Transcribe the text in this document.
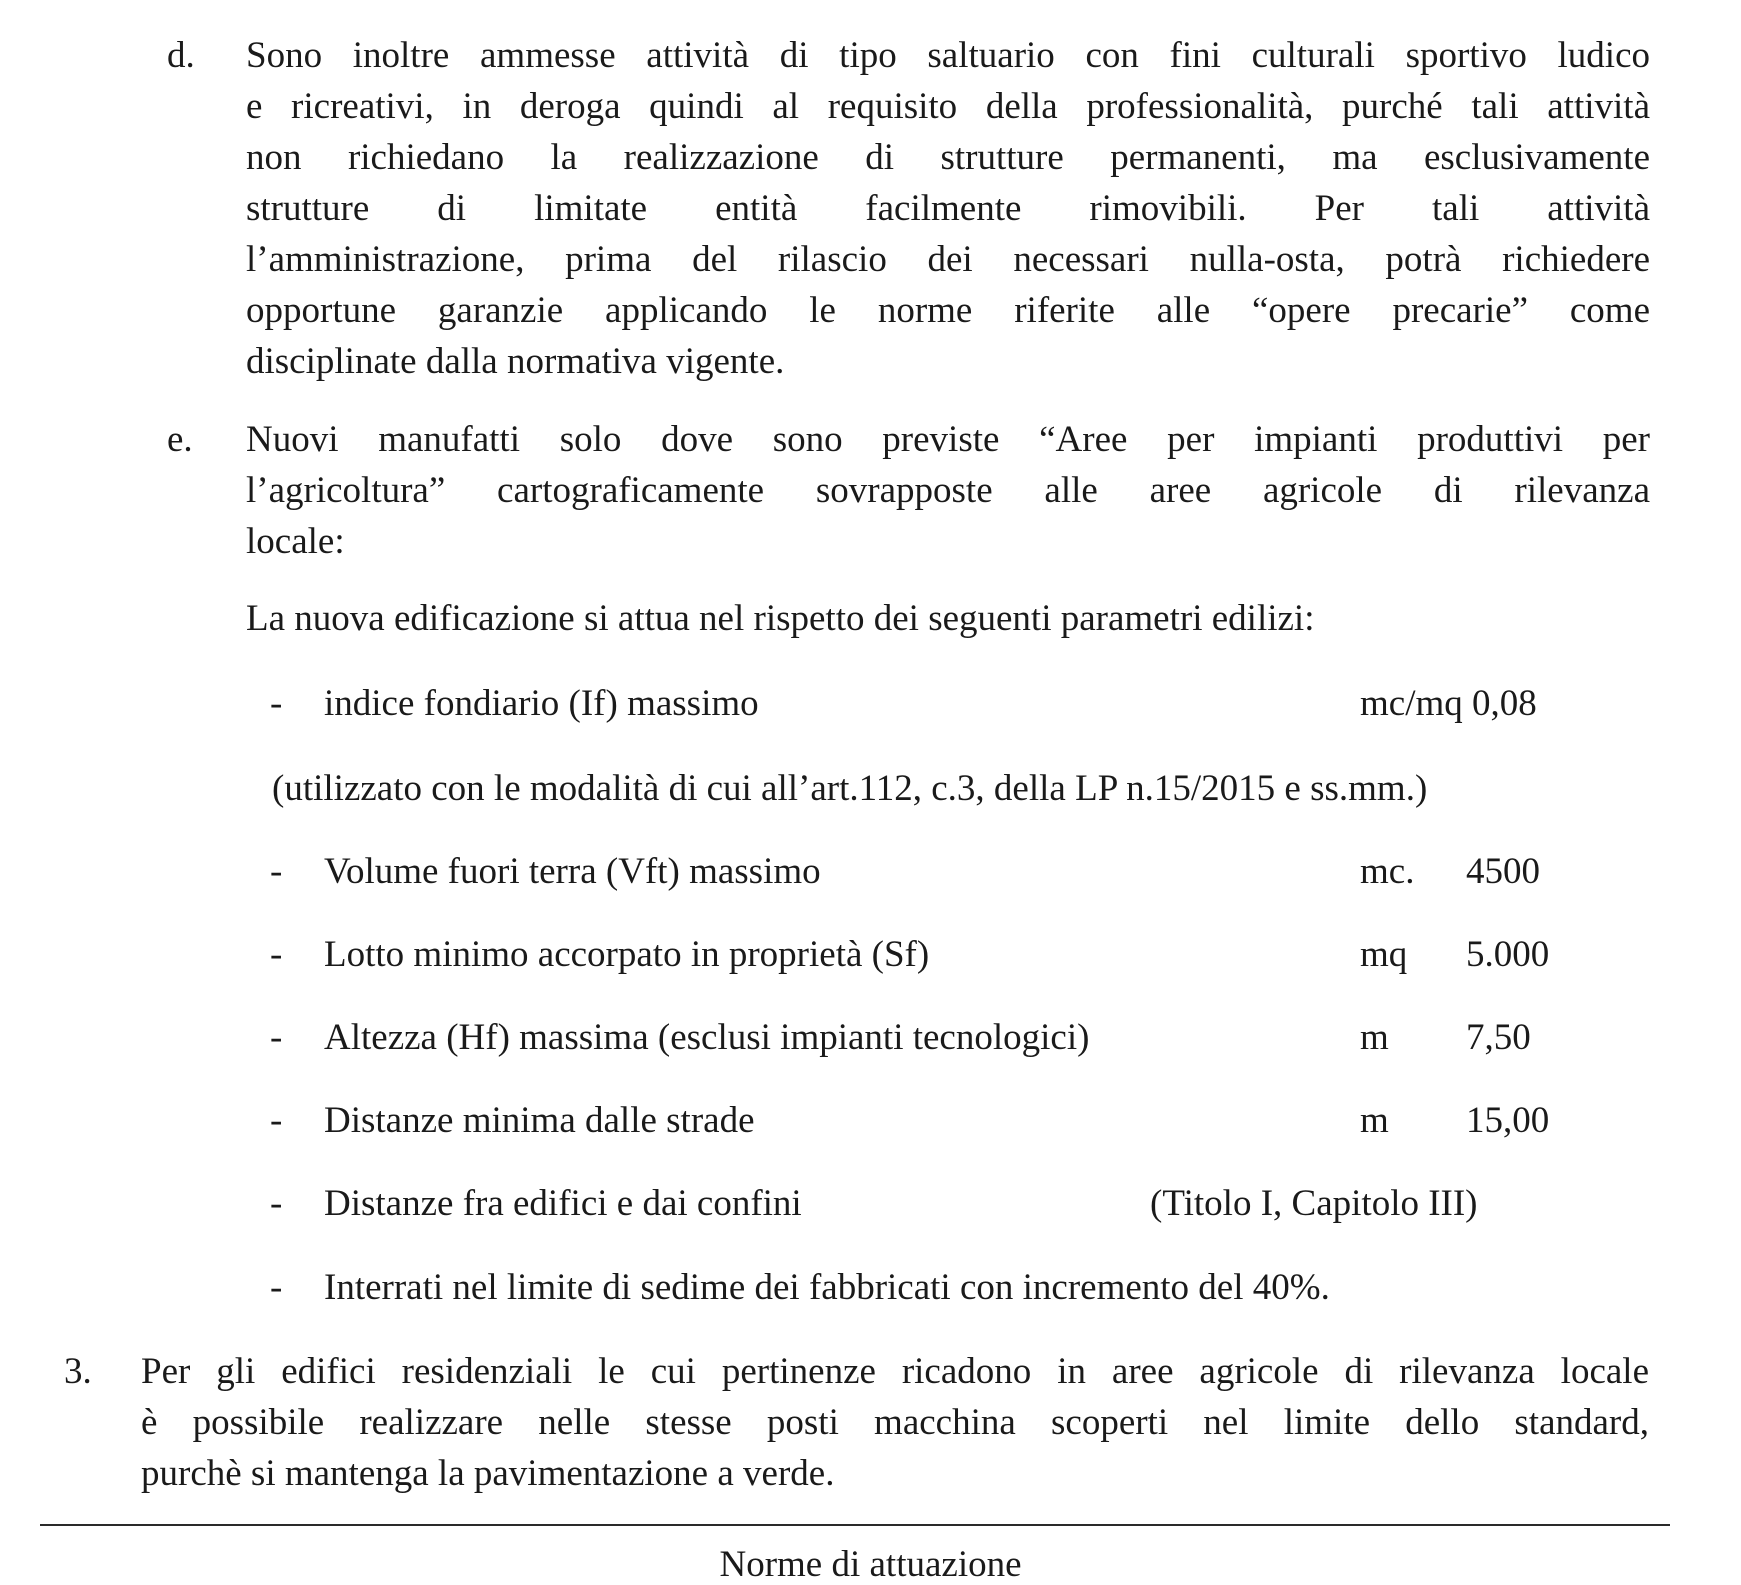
d. Sono inoltre ammesse attività di tipo saltuario con fini culturali sportivo ludico
e ricreativi, in deroga quindi al requisito della professionalità, purché tali attività
non richiedano la realizzazione di strutture permanenti, ma esclusivamente
strutture di limitate entità facilmente rimovibili. Per tali attività
l’amministrazione, prima del rilascio dei necessari nulla-osta, potrà richiedere
opportune garanzie applicando le norme riferite alle “opere precarie” come
disciplinate dalla normativa vigente.
e. Nuovi manufatti solo dove sono previste “Aree per impianti produttivi per
l’agricoltura” cartograficamente sovrapposte alle aree agricole di rilevanza
locale:
La nuova edificazione si attua nel rispetto dei seguenti parametri edilizi:
- indice fondiario (If) massimo	mc/mq 0,08
(utilizzato con le modalità di cui all’art.112, c.3, della LP n.15/2015 e ss.mm.)
- Volume fuori terra (Vft) massimo	mc. 4500
- Lotto minimo accorpato in proprietà (Sf)	mq 5.000
- Altezza (Hf) massima (esclusi impianti tecnologici)	m 7,50
- Distanze minima dalle strade	m 15,00
- Distanze fra edifici e dai confini	(Titolo I, Capitolo III)
- Interrati nel limite di sedime dei fabbricati con incremento del 40%.
3. Per gli edifici residenziali le cui pertinenze ricadono in aree agricole di rilevanza locale
è possibile realizzare nelle stesse posti macchina scoperti nel limite dello standard,
purchè si mantenga la pavimentazione a verde.
Norme di attuazione
